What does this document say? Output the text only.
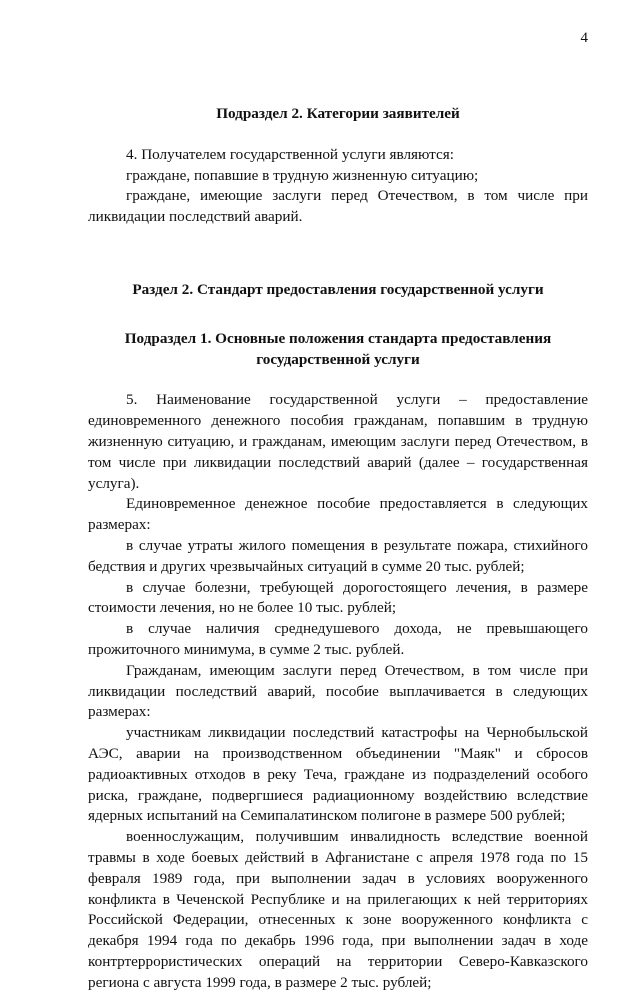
4

Подраздел 2. Категории заявителей

4. Получателем государственной услуги являются:

граждане, попавшие в трудную жизненную ситуацию;

граждане, имеющие заслуги перед Отечеством, в том числе при ликвидации последствий аварий.

Раздел 2. Стандарт предоставления государственной услуги

Подраздел 1. Основные положения стандарта предоставления

государственной услуги

5. Наименование государственной услуги – предоставление единовременного денежного пособия гражданам, попавшим в трудную жизненную ситуацию, и гражданам, имеющим заслуги перед Отечеством, в том числе при ликвидации последствий аварий (далее – государственная услуга).

Единовременное денежное пособие предоставляется в следующих размерах:

в случае утраты жилого помещения в результате пожара, стихийного бедствия и других чрезвычайных ситуаций в сумме 20 тыс. рублей;

в случае болезни, требующей дорогостоящего лечения, в размере стоимости лечения, но не более 10 тыс. рублей;

в случае наличия среднедушевого дохода, не превышающего прожиточного минимума, в сумме 2 тыс. рублей.

Гражданам, имеющим заслуги перед Отечеством, в том числе при ликвидации последствий аварий, пособие выплачивается в следующих размерах:

участникам ликвидации последствий катастрофы на Чернобыльской АЭС, аварии на производственном объединении "Маяк" и сбросов радиоактивных отходов в реку Теча, граждане из подразделений особого риска, граждане, подвергшиеся радиационному воздействию вследствие ядерных испытаний на Семипалатинском полигоне в размере 500 рублей;

военнослужащим, получившим инвалидность вследствие военной травмы в ходе боевых действий в Афганистане с апреля 1978 года по 15 февраля 1989 года, при выполнении задач в условиях вооруженного конфликта в Чеченской Республике и на прилегающих к ней территориях Российской Федерации, отнесенных к зоне вооруженного конфликта с декабря 1994 года по декабрь 1996 года, при выполнении задач в ходе контртеррористических операций на территории Северо-Кавказского региона с августа 1999 года, в размере 2 тыс. рублей;
